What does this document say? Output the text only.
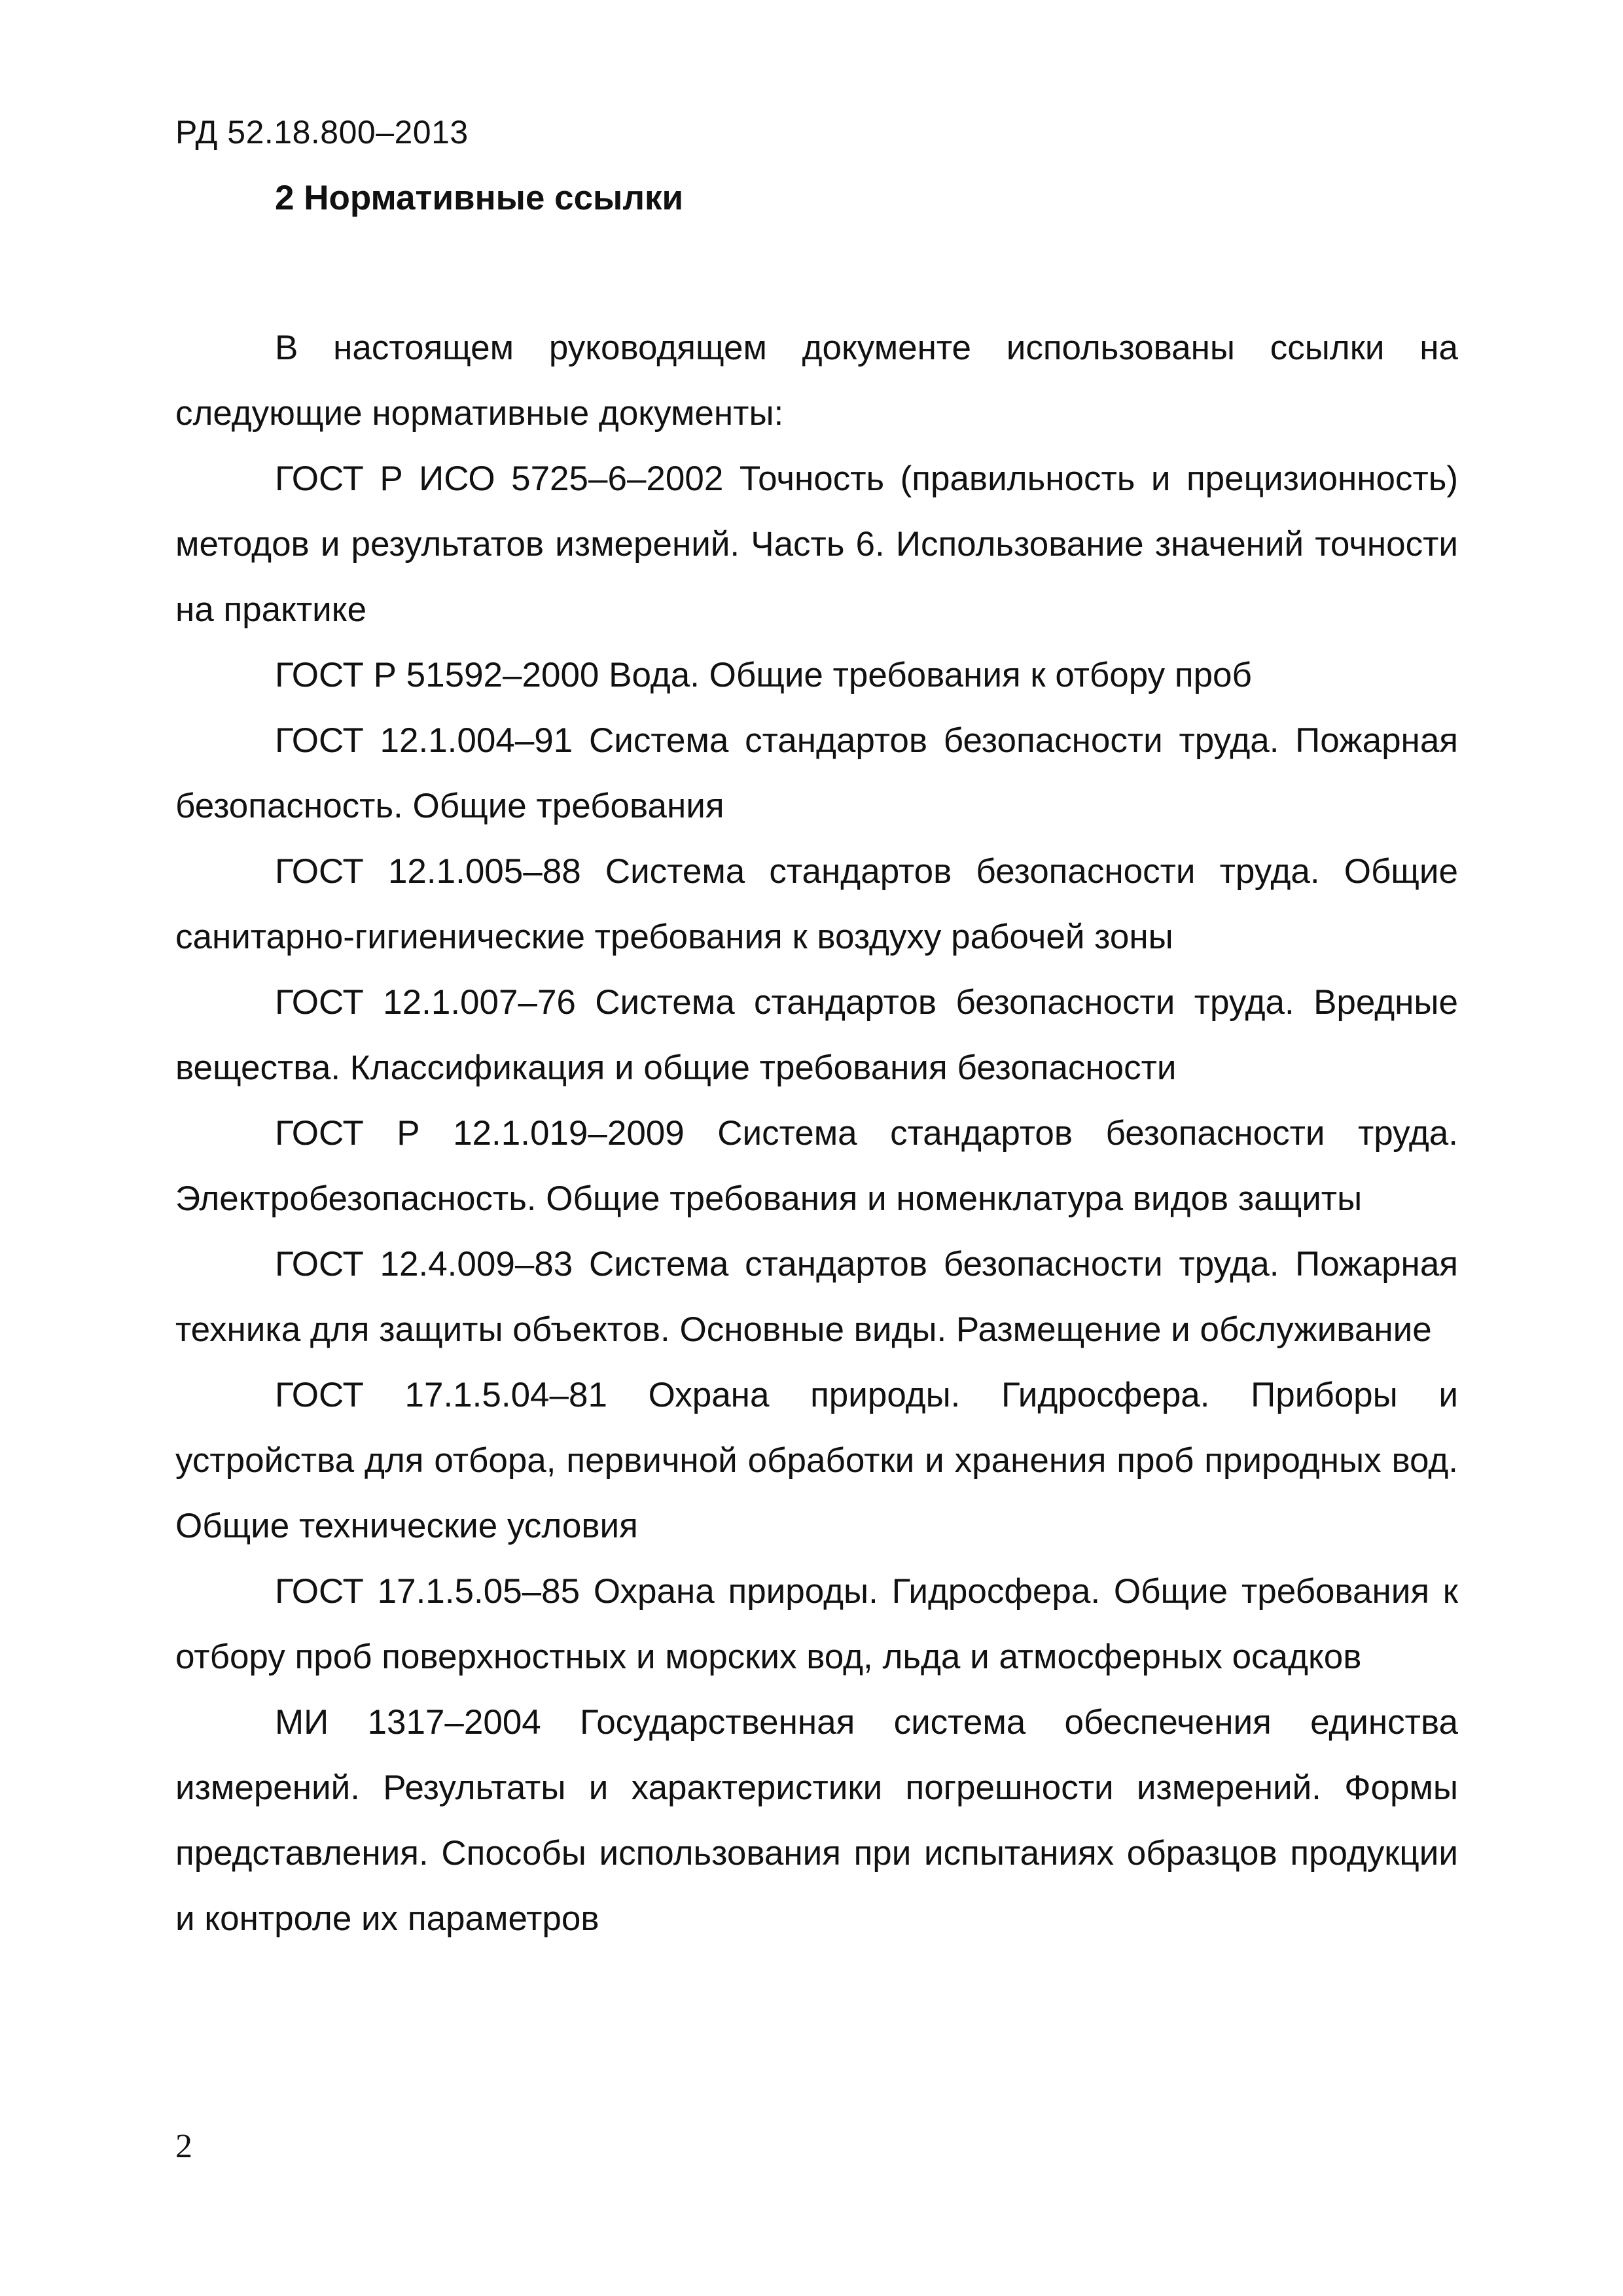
РД 52.18.800–2013

2 Нормативные ссылки

В настоящем руководящем документе использованы ссылки на следующие нормативные документы:

ГОСТ Р ИСО 5725–6–2002 Точность (правильность и прецизионность) методов и результатов измерений. Часть 6. Использование значений точности на практике

ГОСТ Р 51592–2000 Вода. Общие требования к отбору проб

ГОСТ 12.1.004–91 Система стандартов безопасности труда. Пожарная безопасность. Общие требования

ГОСТ 12.1.005–88 Система стандартов безопасности труда. Общие санитарно-гигиенические требования к воздуху рабочей зоны

ГОСТ 12.1.007–76 Система стандартов безопасности труда. Вредные вещества. Классификация и общие требования безопасности

ГОСТ Р 12.1.019–2009 Система стандартов безопасности труда. Электробезопасность. Общие требования и номенклатура видов защиты

ГОСТ 12.4.009–83 Система стандартов безопасности труда. Пожарная техника для защиты объектов. Основные виды. Размещение и обслуживание

ГОСТ 17.1.5.04–81 Охрана природы. Гидросфера. Приборы и устройства для отбора, первичной обработки и хранения проб природных вод. Общие технические условия

ГОСТ 17.1.5.05–85 Охрана природы. Гидросфера. Общие требования к отбору проб поверхностных и морских вод, льда и атмосферных осадков

МИ 1317–2004 Государственная система обеспечения единства измерений. Результаты и характеристики погрешности измерений. Формы представления. Способы использования при испытаниях образцов продукции и контроле их параметров

2
